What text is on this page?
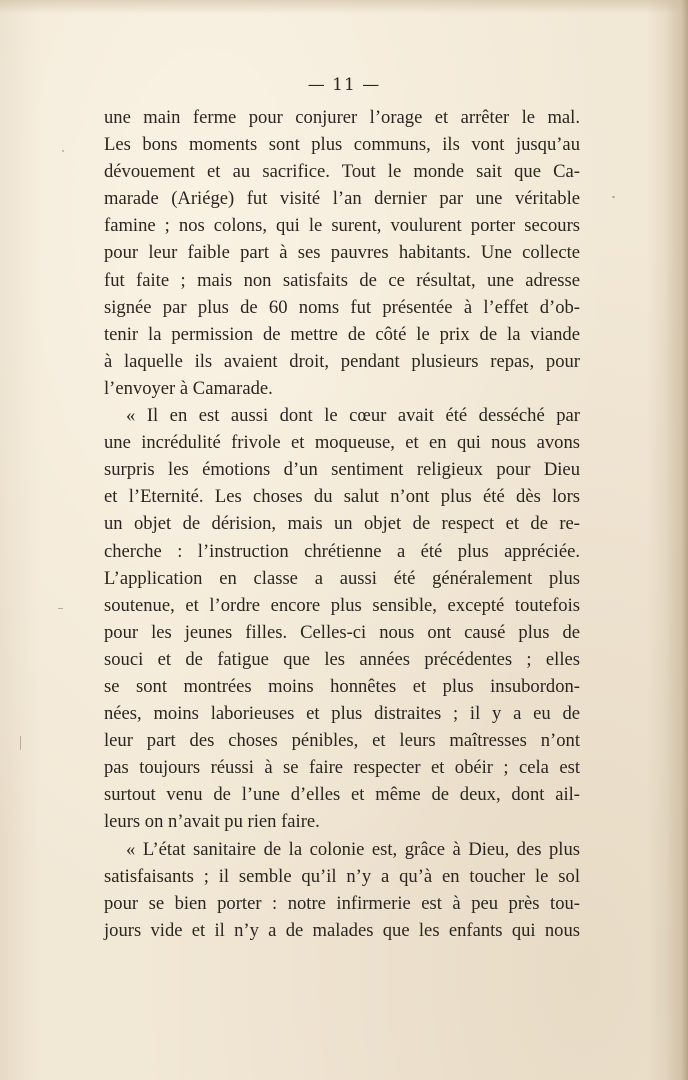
— 11 —
une main ferme pour conjurer l’orage et arrêter le mal.
Les bons moments sont plus communs, ils vont jusqu’au
dévouement et au sacrifice. Tout le monde sait que Ca-
marade (Ariége) fut visité l’an dernier par une véritable
famine ; nos colons, qui le surent, voulurent porter secours
pour leur faible part à ses pauvres habitants. Une collecte
fut faite ; mais non satisfaits de ce résultat, une adresse
signée par plus de 60 noms fut présentée à l’effet d’ob-
tenir la permission de mettre de côté le prix de la viande
à laquelle ils avaient droit, pendant plusieurs repas, pour
l’envoyer à Camarade.
« Il en est aussi dont le cœur avait été desséché par
une incrédulité frivole et moqueuse, et en qui nous avons
surpris les émotions d’un sentiment religieux pour Dieu
et l’Eternité. Les choses du salut n’ont plus été dès lors
un objet de dérision, mais un objet de respect et de re-
cherche : l’instruction chrétienne a été plus appréciée.
L’application en classe a aussi été généralement plus
soutenue, et l’ordre encore plus sensible, excepté toutefois
pour les jeunes filles. Celles-ci nous ont causé plus de
souci et de fatigue que les années précédentes ; elles
se sont montrées moins honnêtes et plus insubordon-
nées, moins laborieuses et plus distraites ; il y a eu de
leur part des choses pénibles, et leurs maîtresses n’ont
pas toujours réussi à se faire respecter et obéir ; cela est
surtout venu de l’une d’elles et même de deux, dont ail-
leurs on n’avait pu rien faire.
« L’état sanitaire de la colonie est, grâce à Dieu, des plus
satisfaisants ; il semble qu’il n’y a qu’à en toucher le sol
pour se bien porter : notre infirmerie est à peu près tou-
jours vide et il n’y a de malades que les enfants qui nous
